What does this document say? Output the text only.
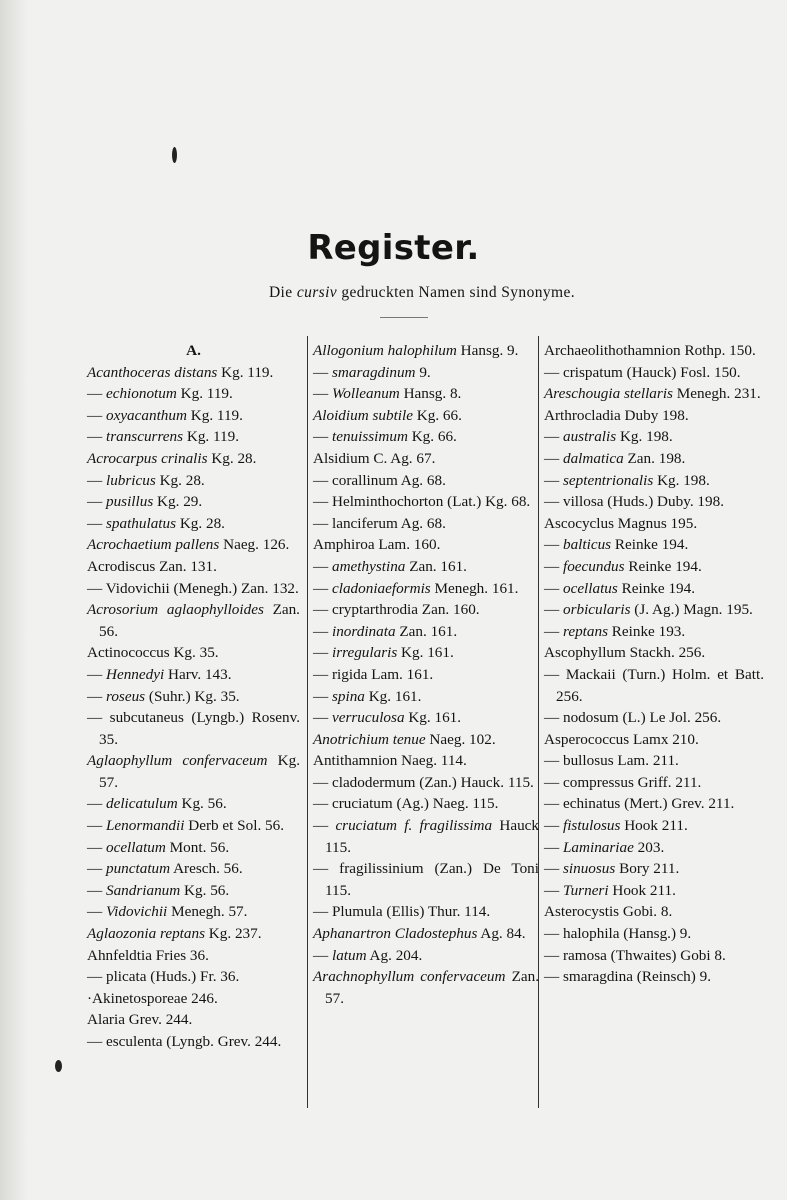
Register.
Die cursiv gedruckten Namen sind Synonyme.
A.
Acanthoceras distans Kg. 119.
— echionotum Kg. 119.
— oxyacanthum Kg. 119.
— transcurrens Kg. 119.
Acrocarpus crinalis Kg. 28.
— lubricus Kg. 28.
— pusillus Kg. 29.
— spathulatus Kg. 28.
Acrochaetium pallens Naeg. 126.
Acrodiscus Zan. 131.
— Vidovichii (Menegh.) Zan. 132.
Acrosorium aglaophylloides Zan. 56.
Actinococcus Kg. 35.
— Hennedyi Harv. 143.
— roseus (Suhr.) Kg. 35.
— subcutaneus (Lyngb.) Rosenv. 35.
Aglaophyllum confervaceum Kg. 57.
— delicatulum Kg. 56.
— Lenormandii Derb et Sol. 56.
— ocellatum Mont. 56.
— punctatum Aresch. 56.
— Sandrianum Kg. 56.
— Vidovichii Menegh. 57.
Aglaozonia reptans Kg. 237.
Ahnfeldtia Fries 36.
— plicata (Huds.) Fr. 36.
·Akinetosporeae 246.
Alaria Grev. 244.
— esculenta (Lyngb. Grev. 244.
Allogonium halophilum Hansg. 9.
— smaragdinum 9.
— Wolleanum Hansg. 8.
Aloidium subtile Kg. 66.
— tenuissimum Kg. 66.
Alsidium C. Ag. 67.
— corallinum Ag. 68.
— Helminthochorton (Lat.) Kg. 68.
— lanciferum Ag. 68.
Amphiroa Lam. 160.
— amethystina Zan. 161.
— cladoniaeformis Menegh. 161.
— cryptarthrodia Zan. 160.
— inordinata Zan. 161.
— irregularis Kg. 161.
— rigida Lam. 161.
— spina Kg. 161.
— verruculosa Kg. 161.
Anotrichium tenue Naeg. 102.
Antithamnion Naeg. 114.
— cladodermum (Zan.) Hauck. 115.
— cruciatum (Ag.) Naeg. 115.
— cruciatum f. fragilissima Hauck 115.
— fragilissinium (Zan.) De Toni 115.
— Plumula (Ellis) Thur. 114.
Aphanartron Cladostephus Ag. 84.
— latum Ag. 204.
Arachnophyllum confervaceum Zan. 57.
Archaeolithothamnion Rothp. 150.
— crispatum (Hauck) Fosl. 150.
Areschougia stellaris Menegh. 231.
Arthrocladia Duby 198.
— australis Kg. 198.
— dalmatica Zan. 198.
— septentrionalis Kg. 198.
— villosa (Huds.) Duby. 198.
Ascocyclus Magnus 195.
— balticus Reinke 194.
— foecundus Reinke 194.
— ocellatus Reinke 194.
— orbicularis (J. Ag.) Magn. 195.
— reptans Reinke 193.
Ascophyllum Stackh. 256.
— Mackaii (Turn.) Holm. et Batt. 256.
— nodosum (L.) Le Jol. 256.
Asperococcus Lamx 210.
— bullosus Lam. 211.
— compressus Griff. 211.
— echinatus (Mert.) Grev. 211.
— fistulosus Hook 211.
— Laminariae 203.
— sinuosus Bory 211.
— Turneri Hook 211.
Asterocystis Gobi. 8.
— halophila (Hansg.) 9.
— ramosa (Thwaites) Gobi 8.
— smaragdina (Reinsch) 9.
